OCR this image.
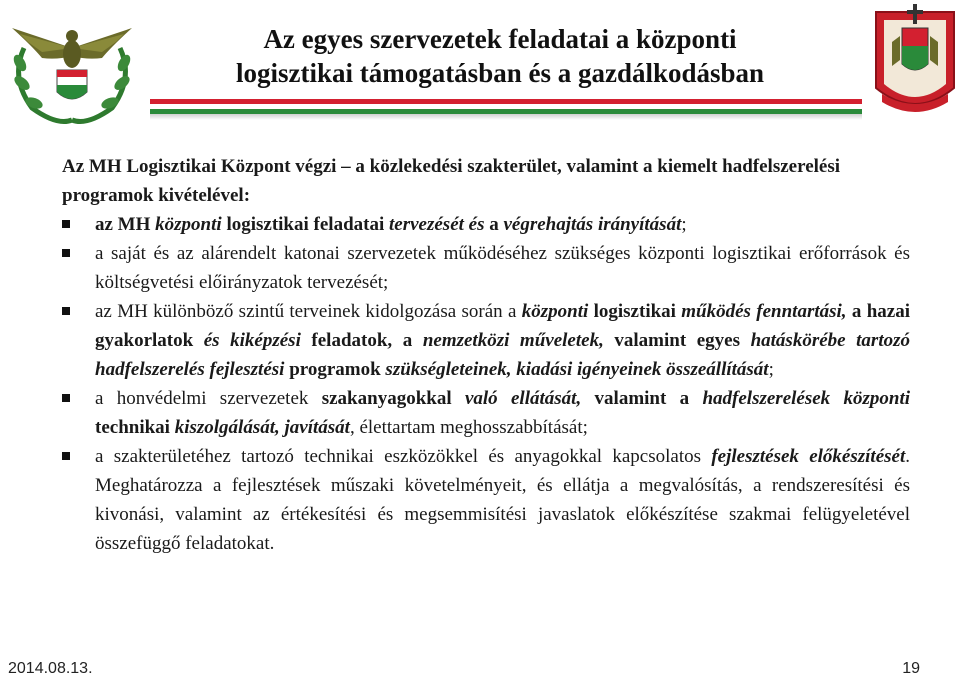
Az egyes szervezetek feladatai a központi
logisztikai támogatásban és a gazdálkodásban

Az MH Logisztikai Központ végzi – a közlekedési szakterület, valamint a kiemelt hadfelszerelési programok kivételével:

az MH központi logisztikai feladatai tervezését és a végrehajtás irányítását;
a saját és az alárendelt katonai szervezetek működéséhez szükséges központi logisztikai erőforrások és költségvetési előirányzatok tervezését;
az MH különböző szintű terveinek kidolgozása során a központi logisztikai működés fenntartási, a hazai gyakorlatok és kiképzési feladatok, a nemzetközi műveletek, valamint egyes hatáskörébe tartozó hadfelszerelés fejlesztési programok szükségleteinek, kiadási igényeinek összeállítását;
a honvédelmi szervezetek szakanyagokkal való ellátását, valamint a hadfelszerelések központi technikai kiszolgálását, javítását, élettartam meghosszabbítását;
a szakterületéhez tartozó technikai eszközökkel és anyagokkal kapcsolatos fejlesztések előkészítését. Meghatározza a fejlesztések műszaki követelményeit, és ellátja a megvalósítás, a rendszeresítési és kivonási, valamint az értékesítési és megsemmisítési javaslatok előkészítése szakmai felügyeletével összefüggő feladatokat.
2014.08.13.	19
